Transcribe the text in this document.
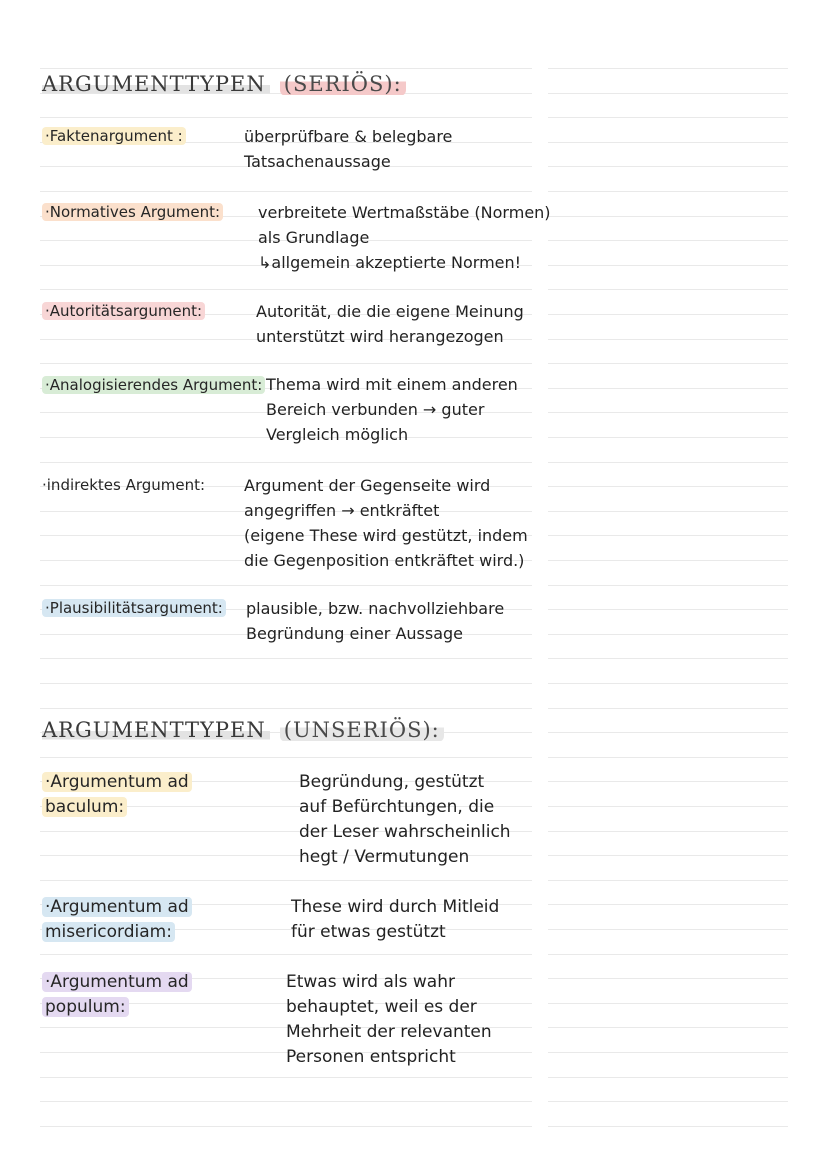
ARGUMENTTYPEN (SERIÖS):
·Faktenargument :	überprüfbare & belegbare
Tatsachenaussage
·Normatives Argument: verbreitete Wertmaßstäbe (Normen)
als Grundlage
↳allgemein akzeptierte Normen!
·Autoritätsargument:	Autorität, die die eigene Meinung
unterstützt wird herangezogen
·Analogisierendes Argument: Thema wird mit einem anderen
Bereich verbunden → guter
Vergleich möglich
·indirektes Argument: Argument der Gegenseite wird
angegriffen → entkräftet
(eigene These wird gestützt, indem
die Gegenposition entkräftet wird.)
·Plausibilitätsargument: plausible, bzw. nachvollziehbare
Begründung einer Aussage
ARGUMENTTYPEN (UNSERIÖS):
·Argumentum ad
baculum:
Begründung, gestützt
auf Befürchtungen, die
der Leser wahrscheinlich
hegt / Vermutungen
·Argumentum ad
misericordiam:
These wird durch Mitleid
für etwas gestützt
·Argumentum ad
populum:
Etwas wird als wahr
behauptet, weil es der
Mehrheit der relevanten
Personen entspricht
